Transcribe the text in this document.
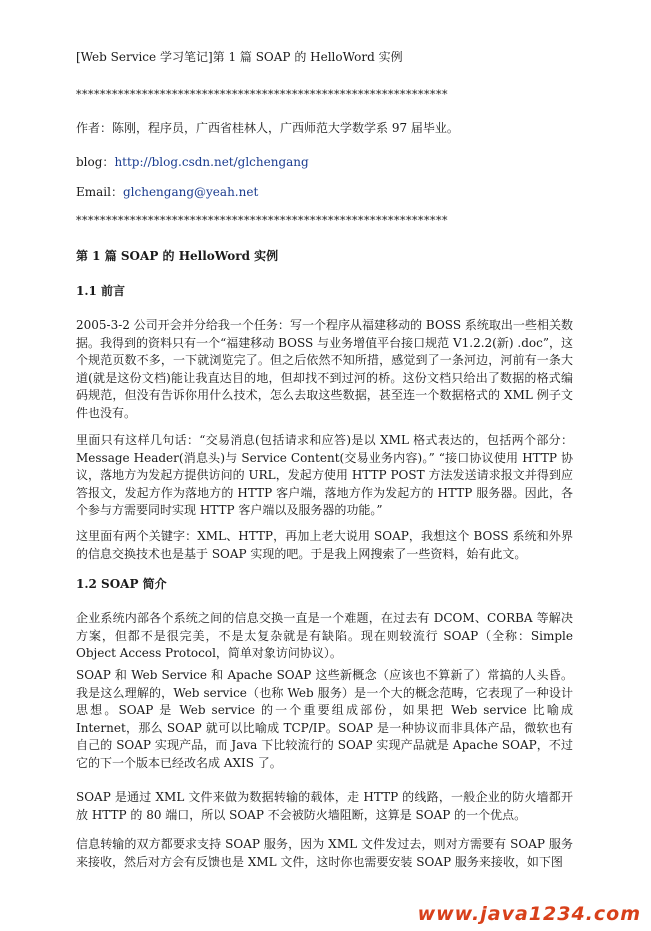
[Web Service 学习笔记]第 1 篇 SOAP 的 HelloWord 实例
**************************************************************
作者：陈刚，程序员，广西省桂林人，广西师范大学数学系 97 届毕业。
blog：http://blog.csdn.net/glchengang
Email：glchengang@yeah.net
**************************************************************
第 1 篇 SOAP 的 HelloWord 实例
1.1 前言
2005-3-2 公司开会并分给我一个任务：写一个程序从福建移动的 BOSS 系统取出一些相关数据。我得到的资料只有一个“福建移动 BOSS 与业务增值平台接口规范 V1.2.2(新) .doc”，这个规范页数不多，一下就浏览完了。但之后依然不知所措，感觉到了一条河边，河前有一条大道(就是这份文档)能让我直达目的地，但却找不到过河的桥。这份文档只给出了数据的格式编码规范，但没有告诉你用什么技术，怎么去取这些数据，甚至连一个数据格式的 XML 例子文件也没有。
里面只有这样几句话：“交易消息(包括请求和应答)是以 XML 格式表达的，包括两个部分：Message Header(消息头)与 Service Content(交易业务内容)。” “接口协议使用 HTTP 协议，落地方为发起方提供访问的 URL，发起方使用 HTTP POST 方法发送请求报文并得到应答报文，发起方作为落地方的 HTTP 客户端，落地方作为发起方的 HTTP 服务器。因此，各个参与方需要同时实现 HTTP 客户端以及服务器的功能。”
这里面有两个关键字：XML、HTTP，再加上老大说用 SOAP，我想这个 BOSS 系统和外界的信息交换技术也是基于 SOAP 实现的吧。于是我上网搜索了一些资料，始有此文。
1.2 SOAP 简介
企业系统内部各个系统之间的信息交换一直是一个难题，在过去有 DCOM、CORBA 等解决方案，但都不是很完美，不是太复杂就是有缺陷。现在则较流行 SOAP（全称：Simple Object Access Protocol，简单对象访问协议）。
SOAP 和 Web Service 和 Apache SOAP 这些新概念（应该也不算新了）常搞的人头昏。我是这么理解的，Web service（也称 Web 服务）是一个大的概念范畴，它表现了一种设计思想。SOAP 是 Web service 的一个重要组成部份，如果把 Web service 比喻成 Internet，那么 SOAP 就可以比喻成 TCP/IP。SOAP 是一种协议而非具体产品，微软也有自己的 SOAP 实现产品，而 Java 下比较流行的 SOAP 实现产品就是 Apache SOAP，不过它的下一个版本已经改名成 AXIS 了。
SOAP 是通过 XML 文件来做为数据转输的载体，走 HTTP 的线路，一般企业的防火墙都开放 HTTP 的 80 端口，所以 SOAP 不会被防火墙阻断，这算是 SOAP 的一个优点。
信息转输的双方都要求支持 SOAP 服务，因为 XML 文件发过去，则对方需要有 SOAP 服务来接收，然后对方会有反馈也是 XML 文件，这时你也需要安装 SOAP 服务来接收，如下图
www.java1234.com
